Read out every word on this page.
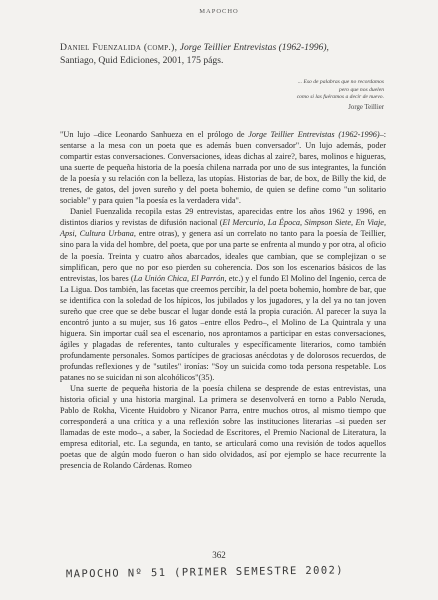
MAPOCHO
Daniel Fuenzalida (comp.), Jorge Teillier Entrevistas (1962-1996),
Santiago, Quid Ediciones, 2001, 175 págs.
... Eso de palabras que no recordamos
pero que nos duelen
como si las fuéramos a decir de nuevo.
Jorge Teillier

"Un lujo –dice Leonardo Sanhueza en el prólogo de Jorge Teillier Entrevistas (1962-1996)–: sentarse a la mesa con un poeta que es además buen conversador". Un lujo además, poder compartir estas conversaciones. Conversaciones, ideas dichas al zaire?, bares, molinos e higueras, una suerte de pequeña historia de la poesía chilena narrada por uno de sus integrantes, la función de la poesía y su relación con la belleza, las utopías. Historias de bar, de box, de Billy the kid, de trenes, de gatos, del joven sureño y del poeta bohemio, de quien se define como "un solitario sociable" y para quien "la poesía es la verdadera vida".

Daniel Fuenzalida recopila estas 29 entrevistas, aparecidas entre los años 1962 y 1996, en distintos diarios y revistas de difusión nacional (El Mercurio, La Época, Simpson Siete, En Viaje, Apsi, Cultura Urbana, entre otras), y genera así un correlato no tanto para la poesía de Teillier, sino para la vida del hombre, del poeta, que por una parte se enfrenta al mundo y por otra, al oficio de la poesía. Treinta y cuatro años abarcados, ideales que cambian, que se complejizan o se simplifican, pero que no por eso pierden su coherencia. Dos son los escenarios básicos de las entrevistas, los bares (La Unión Chica, El Parrón, etc.) y el fundo El Molino del Ingenio, cerca de La Ligua. Dos también, las facetas que creemos percibir, la del poeta bohemio, hombre de bar, que se identifica con la soledad de los hípicos, los jubilados y los jugadores, y la del ya no tan joven sureño que cree que se debe buscar el lugar donde está la propia curación. Al parecer la suya la encontró junto a su mujer, sus 16 gatos –entre ellos Pedro–, el Molino de La Quintrala y una higuera. Sin importar cuál sea el escenario, nos aprontamos a participar en estas conversaciones, ágiles y plagadas de referentes, tanto culturales y específicamente literarios, como también profundamente personales. Somos partícipes de graciosas anécdotas y de dolorosos recuerdos, de profundas reflexiones y de "sutiles" ironías: "Soy un suicida como toda persona respetable. Los patanes no se suicidan ni son alcohólicos"(35).

Una suerte de pequeña historia de la poesía chilena se desprende de estas entrevistas, una historia oficial y una historia marginal. La primera se desenvolverá en torno a Pablo Neruda, Pablo de Rokha, Vicente Huidobro y Nicanor Parra, entre muchos otros, al mismo tiempo que corresponderá a una crítica y a una reflexión sobre las instituciones literarias –si pueden ser llamadas de este modo–, a saber, la Sociedad de Escritores, el Premio Nacional de Literatura, la empresa editorial, etc. La segunda, en tanto, se articulará como una revisión de todos aquellos poetas que de algún modo fueron o han sido olvidados, así por ejemplo se hace recurrente la presencia de Rolando Cárdenas. Romeo

362
MAPOCHO Nº 51 (PRIMER SEMESTRE 2002)
